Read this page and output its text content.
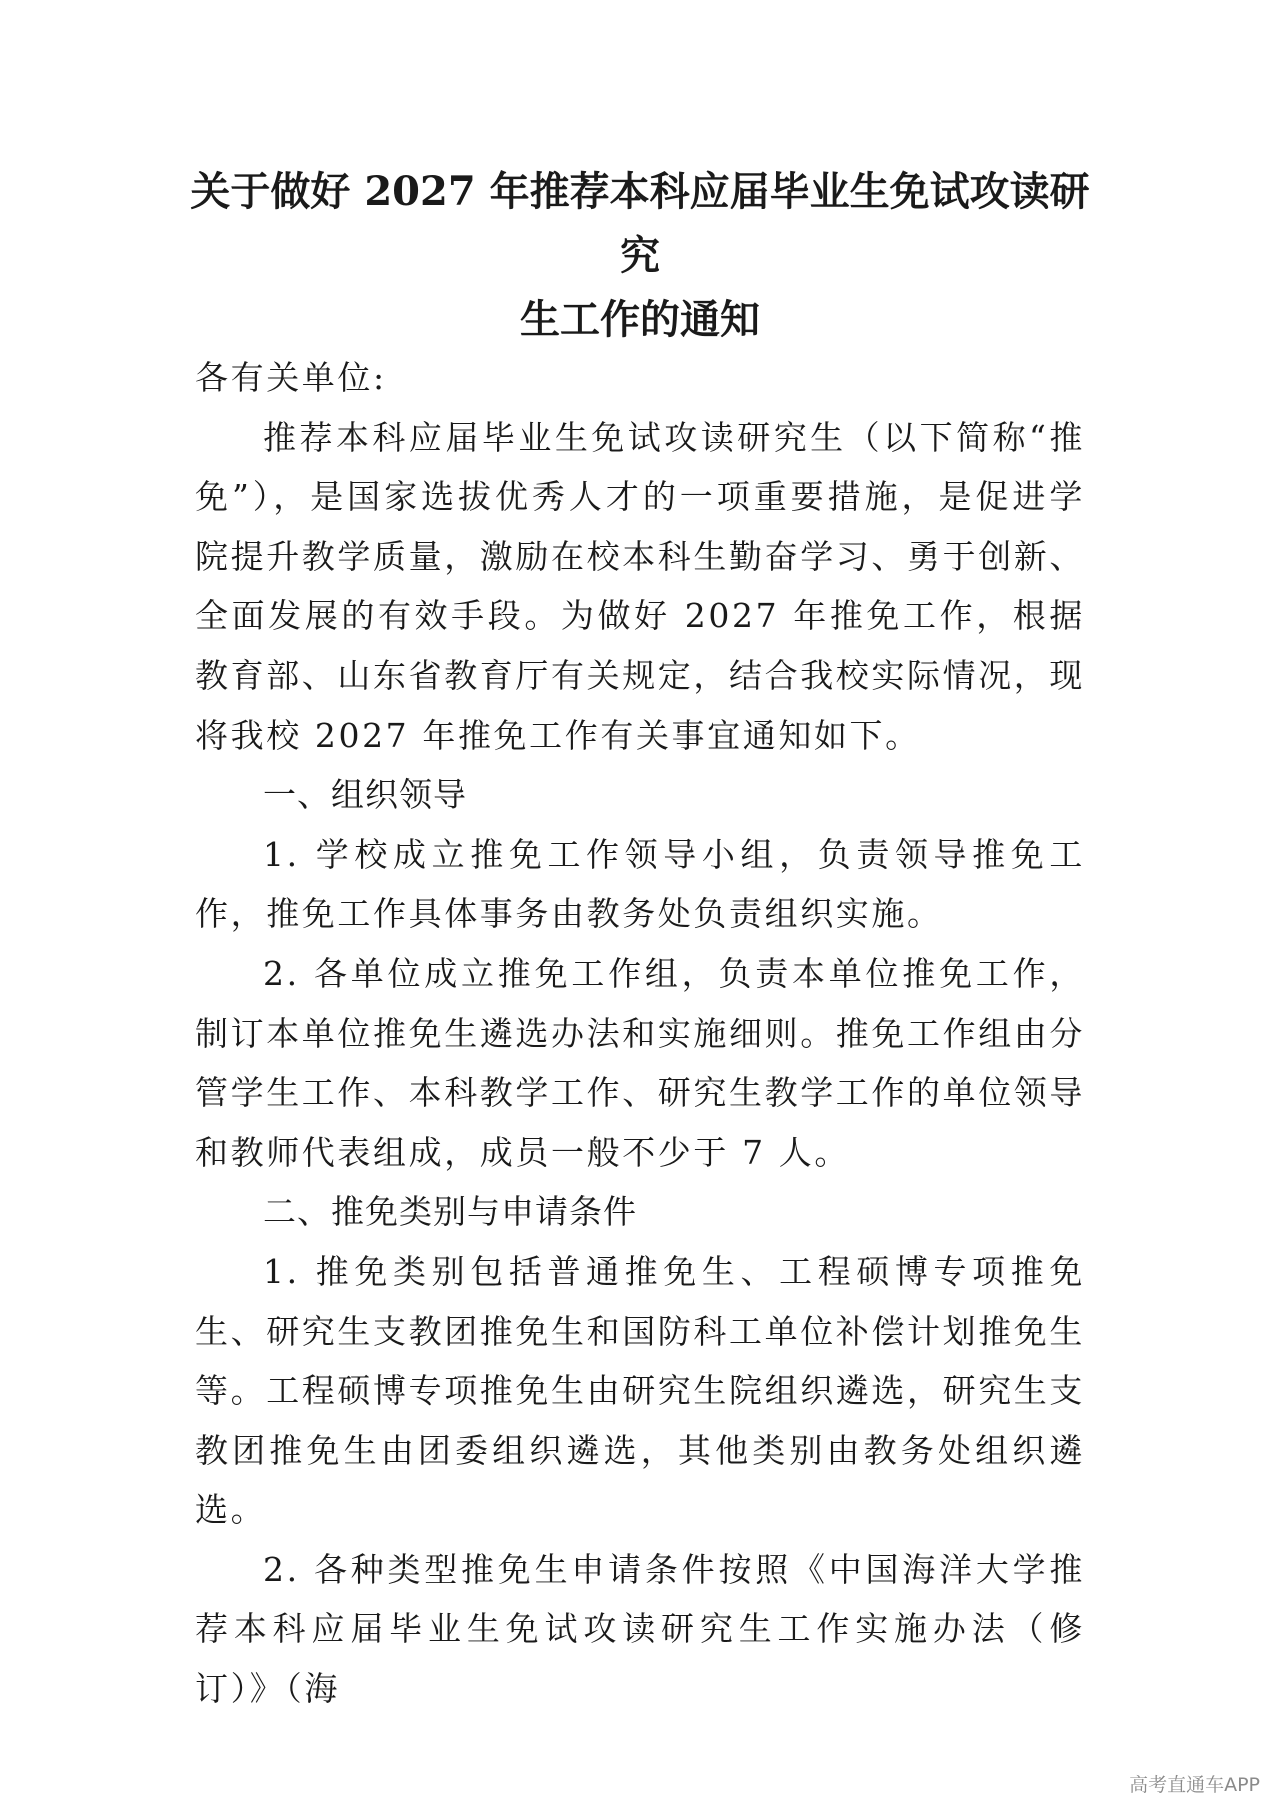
关于做好 2027 年推荐本科应届毕业生免试攻读研究
生工作的通知

各有关单位:

推荐本科应届毕业生免试攻读研究生（以下简称“推免”），是国家选拔优秀人才的一项重要措施，是促进学院提升教学质量，激励在校本科生勤奋学习、勇于创新、全面发展的有效手段。为做好 2027 年推免工作，根据教育部、山东省教育厅有关规定，结合我校实际情况，现将我校 2027 年推免工作有关事宜通知如下。

一、组织领导

1. 学校成立推免工作领导小组，负责领导推免工作，推免工作具体事务由教务处负责组织实施。

2. 各单位成立推免工作组，负责本单位推免工作，制订本单位推免生遴选办法和实施细则。推免工作组由分管学生工作、本科教学工作、研究生教学工作的单位领导和教师代表组成，成员一般不少于 7 人。

二、推免类别与申请条件

1. 推免类别包括普通推免生、工程硕博专项推免生、研究生支教团推免生和国防科工单位补偿计划推免生等。工程硕博专项推免生由研究生院组织遴选，研究生支教团推免生由团委组织遴选，其他类别由教务处组织遴选。

2. 各种类型推免生申请条件按照《中国海洋大学推荐本科应届毕业生免试攻读研究生工作实施办法（修订）》（海

高考直通车APP
